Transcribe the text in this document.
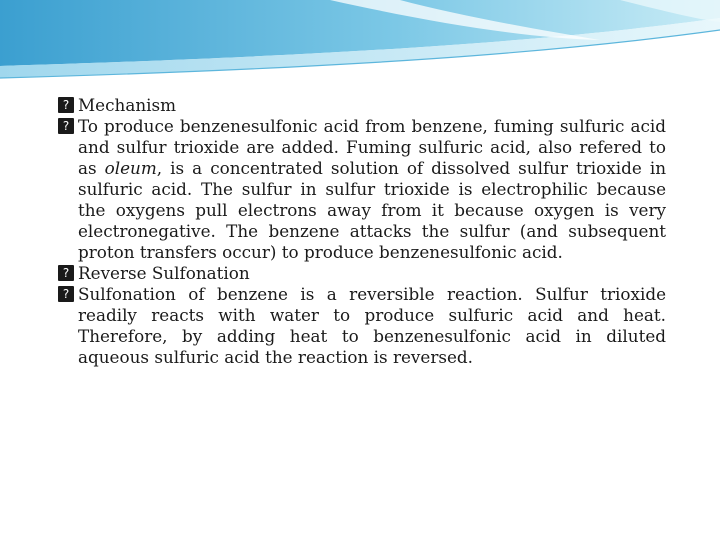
? Mechanism
? To produce benzenesulfonic acid from benzene, fuming sulfuric acid and sulfur trioxide are added. Fuming sulfuric acid, also refered to as oleum, is a concentrated solution of dissolved sulfur trioxide in sulfuric acid. The sulfur in sulfur trioxide is electrophilic because the oxygens pull electrons away from it because oxygen is very electronegative. The benzene attacks the sulfur (and subsequent proton transfers occur) to produce benzenesulfonic acid.
? Reverse Sulfonation
? Sulfonation of benzene is a reversible reaction. Sulfur trioxide readily reacts with water to produce sulfuric acid and heat. Therefore, by adding heat to benzenesulfonic acid in diluted aqueous sulfuric acid the reaction is reversed.
